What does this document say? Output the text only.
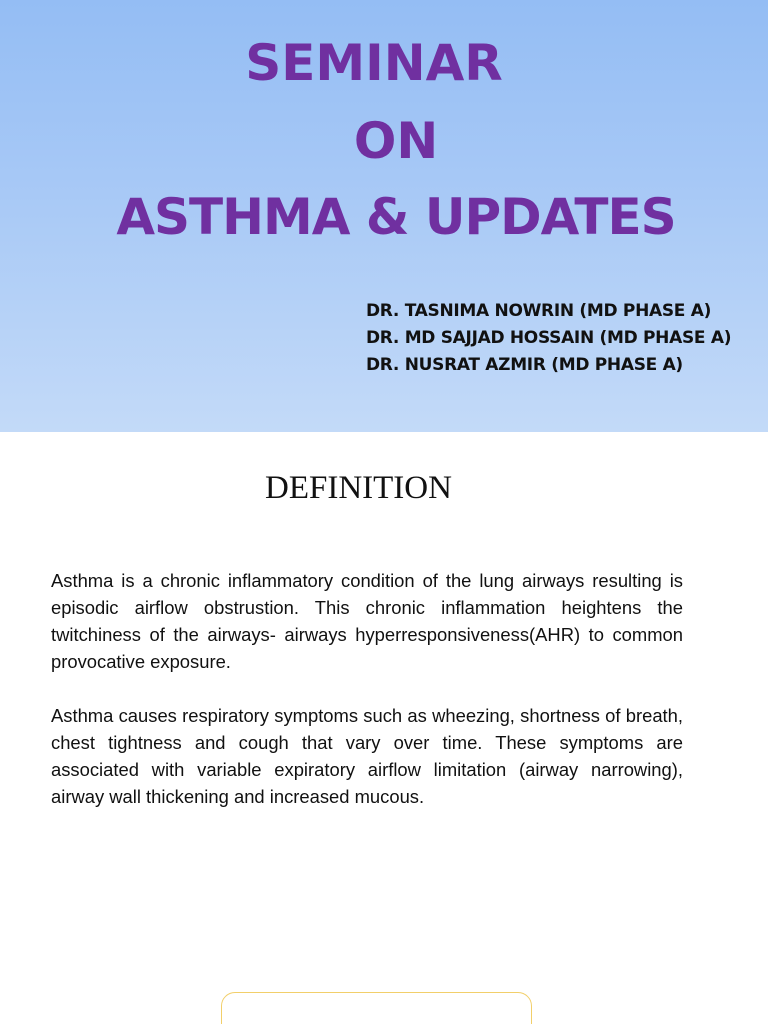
SEMINAR
ON
ASTHMA & UPDATES
DR. TASNIMA NOWRIN (MD PHASE A)
DR. MD SAJJAD HOSSAIN (MD PHASE A)
DR. NUSRAT AZMIR (MD PHASE A)
DEFINITION

Asthma is a chronic inflammatory condition of the lung airways resulting is episodic airflow obstrustion. This chronic inflammation heightens the twitchiness of the airways- airways hyperresponsiveness(AHR) to common provocative exposure.

Asthma causes respiratory symptoms such as wheezing, shortness of breath, chest tightness and cough that vary over time. These symptoms are associated with variable expiratory airflow limitation (airway narrowing), airway wall thickening and increased mucous.
